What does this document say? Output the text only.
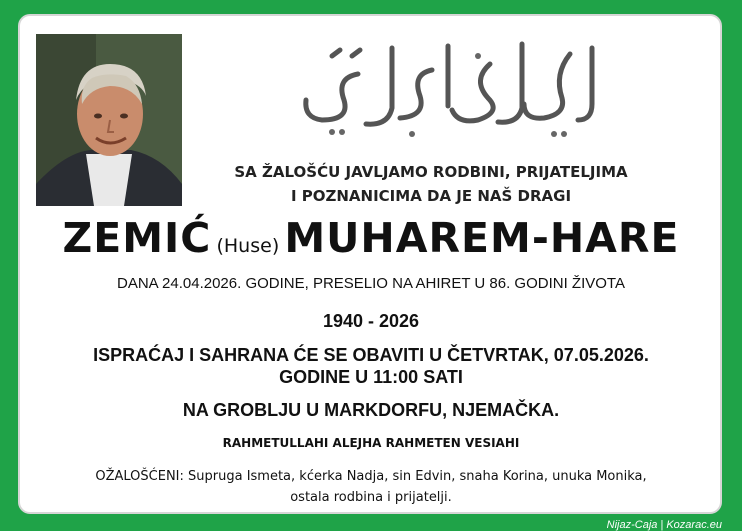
SA ŽALOŠĆU JAVLJAMO RODBINI, PRIJATELJIMA
I POZNANICIMA DA JE NAŠ DRAGI
ZEMIĆ (Huse) MUHAREM-HARE
DANA 24.04.2026. GODINE, PRESELIO NA AHIRET U 86. GODINI ŽIVOTA
1940 - 2026
ISPRAĆAJ I SAHRANA ĆE SE OBAVITI U ČETVRTAK, 07.05.2026.
GODINE U 11:00 SATI
NA GROBLJU U MARKDORFU, NJEMAČKA.
RAHMETULLAHI ALEJHA RAHMETEN VESIAHI
OŽALOŠĆENI: Supruga Ismeta, kćerka Nadja, sin Edvin, snaha Korina, unuka Monika,
ostala rodbina i prijatelji.
Nijaz-Caja | Kozarac.eu
